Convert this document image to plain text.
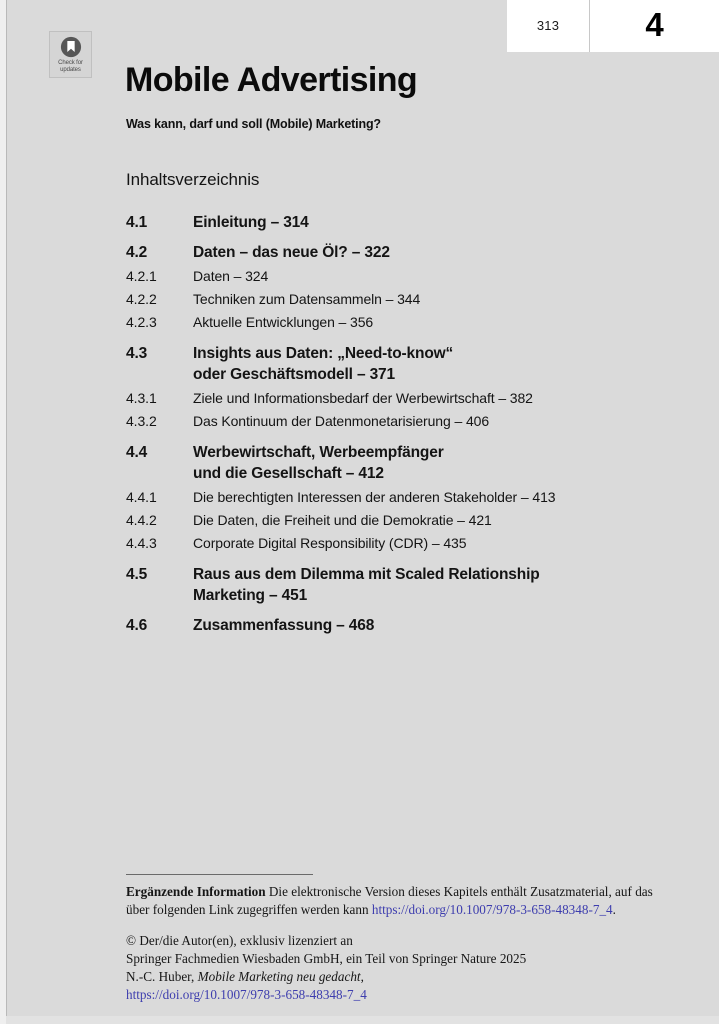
313	4
Check for
updates Mobile Advertising
Was kann, darf und soll (Mobile) Marketing?
Inhaltsverzeichnis
4.1	Einleitung – 314
4.2	Daten – das neue Öl? – 322
4.2.1	Daten – 324
4.2.2	Techniken zum Datensammeln – 344
4.2.3	Aktuelle Entwicklungen – 356
4.3	Insights aus Daten: „Need-to-know“
oder Geschäftsmodell – 371
4.3.1	Ziele und Informationsbedarf der Werbewirtschaft – 382
4.3.2	Das Kontinuum der Datenmonetarisierung – 406
4.4	Werbewirtschaft, Werbeempfänger
und die Gesellschaft – 412
4.4.1	Die berechtigten Interessen der anderen Stakeholder – 413
4.4.2	Die Daten, die Freiheit und die Demokratie – 421
4.4.3	Corporate Digital Responsibility (CDR) – 435
4.5	Raus aus dem Dilemma mit Scaled Relationship
Marketing – 451
4.6	Zusammenfassung – 468
Ergänzende Information Die elektronische Version dieses Kapitels enthält Zusatzmaterial, auf das über folgenden Link zugegriffen werden kann https://doi.org/10.1007/978-3-658-48348-7_4.
© Der/die Autor(en), exklusiv lizenziert an
Springer Fachmedien Wiesbaden GmbH, ein Teil von Springer Nature 2025
N.-C. Huber, Mobile Marketing neu gedacht,
https://doi.org/10.1007/978-3-658-48348-7_4
